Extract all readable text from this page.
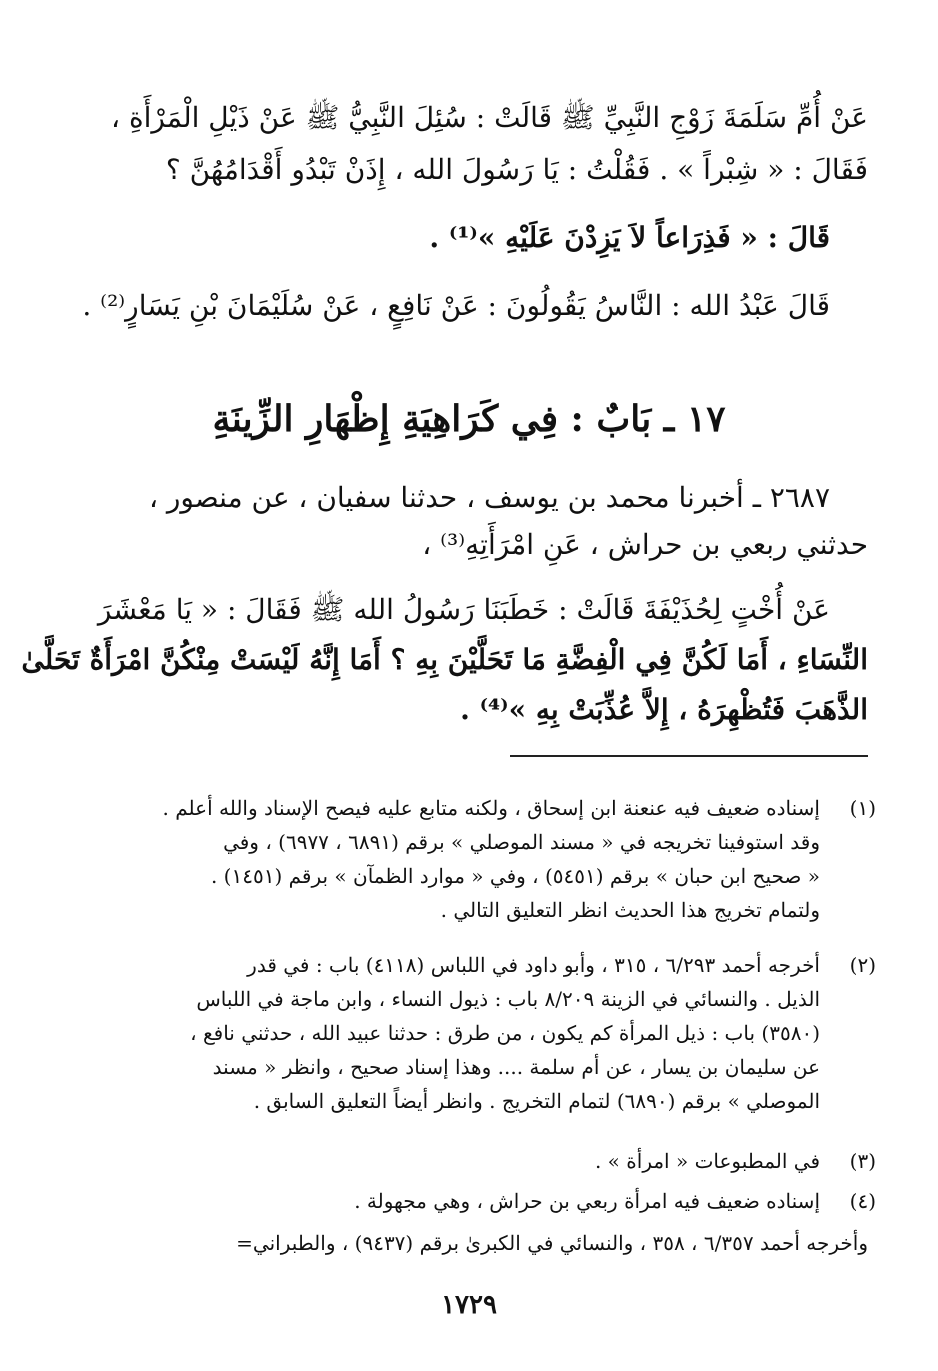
عَنْ أُمِّ سَلَمَةَ زَوْجِ النَّبِيِّ ﷺ قَالَتْ : سُئِلَ النَّبِيُّ ﷺ عَنْ ذَيْلِ الْمَرْأَةِ ،
فَقَالَ : « شِبْراً » . فَقُلْتُ : يَا رَسُولَ الله ، إِذَنْ تَبْدُو أَقْدَامُهُنَّ ؟
قَالَ : « فَذِرَاعاً لاَ يَزِدْنَ عَلَيْهِ »⁽¹⁾ .
قَالَ عَبْدُ الله : النَّاسُ يَقُولُونَ : عَنْ نَافِعٍ ، عَنْ سُلَيْمَانَ بْنِ يَسَارٍ⁽²⁾ .
١٧ ـ بَابٌ : فِي كَرَاهِيَةِ إِظْهَارِ الزِّينَةِ
٢٦٨٧ ـ أخبرنا محمد بن يوسف ، حدثنا سفيان ، عن منصور ،
حدثني ربعي بن حراش ، عَنِ امْرَأَتِهِ⁽³⁾ ،
عَنْ أُخْتٍ لِحُذَيْفَةَ قَالَتْ : خَطَبَنَا رَسُولُ الله ﷺ فَقَالَ : « يَا مَعْشَرَ
النِّسَاءِ ، أَمَا لَكُنَّ فِي الْفِضَّةِ مَا تَحَلَّيْنَ بِهِ ؟ أَمَا إِنَّهُ لَيْسَتْ مِنْكُنَّ امْرَأَةٌ تَحَلَّىٰ
الذَّهَبَ فَتُظْهِرَهُ ، إِلاَّ عُذِّبَتْ بِهِ »⁽⁴⁾ .
(١)
إسناده ضعيف فيه عنعنة ابن إسحاق ، ولكنه متابع عليه فيصح الإسناد والله أعلم .
وقد استوفينا تخريجه في « مسند الموصلي » برقم (٦٨٩١ ، ٦٩٧٧) ، وفي
« صحيح ابن حبان » برقم (٥٤٥١) ، وفي « موارد الظمآن » برقم (١٤٥١) .
ولتمام تخريج هذا الحديث انظر التعليق التالي .
(٢)
أخرجه أحمد ٦/٢٩٣ ، ٣١٥ ، وأبو داود في اللباس (٤١١٨) باب : في قدر
الذيل . والنسائي في الزينة ٨/٢٠٩ باب : ذيول النساء ، وابن ماجة في اللباس
(٣٥٨٠) باب : ذيل المرأة كم يكون ، من طرق : حدثنا عبيد الله ، حدثني نافع ،
عن سليمان بن يسار ، عن أم سلمة .... وهذا إسناد صحيح ، وانظر « مسند
الموصلي » برقم (٦٨٩٠) لتمام التخريج . وانظر أيضاً التعليق السابق .
(٣)
في المطبوعات « امرأة » .
(٤)
إسناده ضعيف فيه امرأة ربعي بن حراش ، وهي مجهولة .
وأخرجه أحمد ٦/٣٥٧ ، ٣٥٨ ، والنسائي في الكبرىٰ برقم (٩٤٣٧) ، والطبراني=
١٧٢٩
